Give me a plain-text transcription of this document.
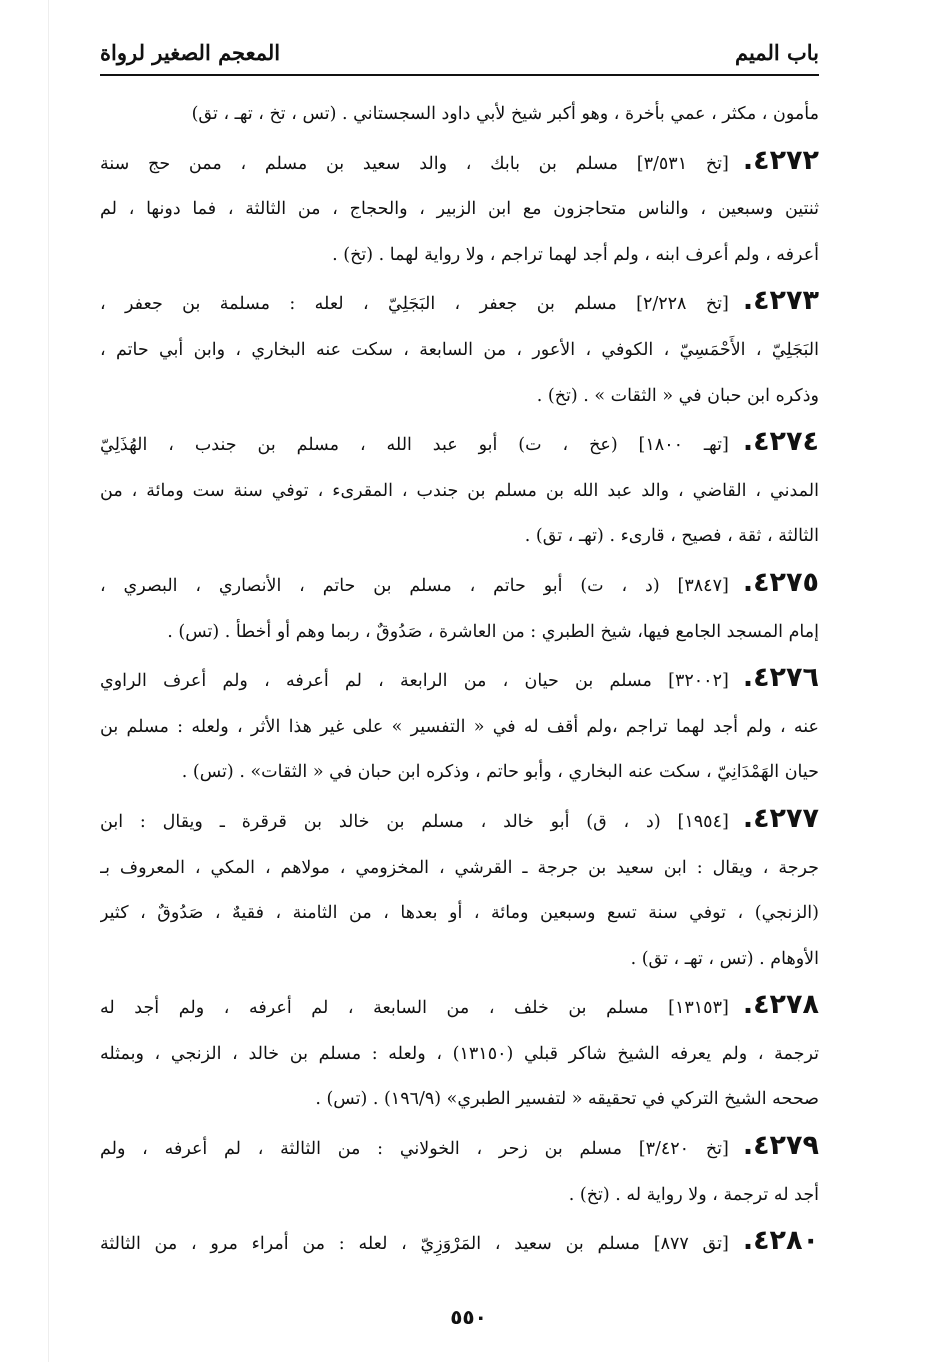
باب الميم
المعجم الصغير لرواة
مأمون ، مكثر ، عمي بأخرة ، وهو أكبر شيخ لأبي داود السجستاني . (تس ، تخ ، تهـ ، تق)
٤٢٧٢.[تخ ٣/٥٣١] مسلم بن بابك ، والد سعيد بن مسلم ، ممن حج سنة
ثنتين وسبعين ، والناس متحاجزون مع ابن الزبير ، والحجاج ، من الثالثة ، فما دونها ، لم
أعرفه ، ولم أعرف ابنه ، ولم أجد لهما تراجم ، ولا رواية لهما . (تخ) .
٤٢٧٣.[تخ ٢/٢٢٨] مسلم بن جعفر ، البَجَلِيّ ، لعله : مسلمة بن جعفر ،
البَجَلِيّ ، الأَحْمَسِيّ ، الكوفي ، الأعور ، من السابعة ، سكت عنه البخاري ، وابن أبي حاتم ،
وذكره ابن حبان في « الثقات » . (تخ) .
٤٢٧٤.[تهـ ١٨٠٠] (عخ ، ت) أبو عبد الله ، مسلم بن جندب ، الهُذَلِيّ
المدني ، القاضي ، والد عبد الله بن مسلم بن جندب ، المقرىء ، توفي سنة ست ومائة ، من
الثالثة ، ثقة ، فصيح ، قارىء . (تهـ ، تق) .
٤٢٧٥.[٣٨٤٧] (د ، ت) أبو حاتم ، مسلم بن حاتم ، الأنصاري ، البصري ،
إمام المسجد الجامع فيها، شيخ الطبري : من العاشرة ، صَدُوقٌ ، ربما وهم أو أخطأ . (تس) .
٤٢٧٦.[٣٢٠٠٢] مسلم بن حيان ، من الرابعة ، لم أعرفه ، ولم أعرف الراوي
عنه ، ولم أجد لهما تراجم ،ولم أقف له في « التفسير » على غير هذا الأثر ، ولعله : مسلم بن
حيان الهَمْدَانِيّ ، سكت عنه البخاري ، وأبو حاتم ، وذكره ابن حبان في « الثقات» . (تس) .
٤٢٧٧.[١٩٥٤] (د ، ق) أبو خالد ، مسلم بن خالد بن قرقرة ـ ويقال : ابن
جرجة ، ويقال : ابن سعيد بن جرجة ـ القرشي ، المخزومي ، مولاهم ، المكي ، المعروف بـ
(الزنجي) ، توفي سنة تسع وسبعين ومائة ، أو بعدها ، من الثامنة ، فقيهٌ ، صَدُوقٌ ، كثير
الأوهام . (تس ، تهـ ، تق) .
٤٢٧٨.[١٣١٥٣] مسلم بن خلف ، من السابعة ، لم أعرفه ، ولم أجد له
ترجمة ، ولم يعرفه الشيخ شاكر قبلي (١٣١٥٠) ، ولعله : مسلم بن خالد ، الزنجي ، وبمثله
صححه الشيخ التركي في تحقيقه « لتفسير الطبري» (١٩٦/٩) . (تس) .
٤٢٧٩.[تخ ٣/٤٢٠] مسلم بن زحر ، الخولاني : من الثالثة ، لم أعرفه ، ولم
أجد له ترجمة ، ولا رواية له . (تخ) .
٤٢٨٠.[تق ٨٧٧] مسلم بن سعيد ، المَرْوَزِيّ ، لعله : من أمراء مرو ، من الثالثة
٥٥٠
